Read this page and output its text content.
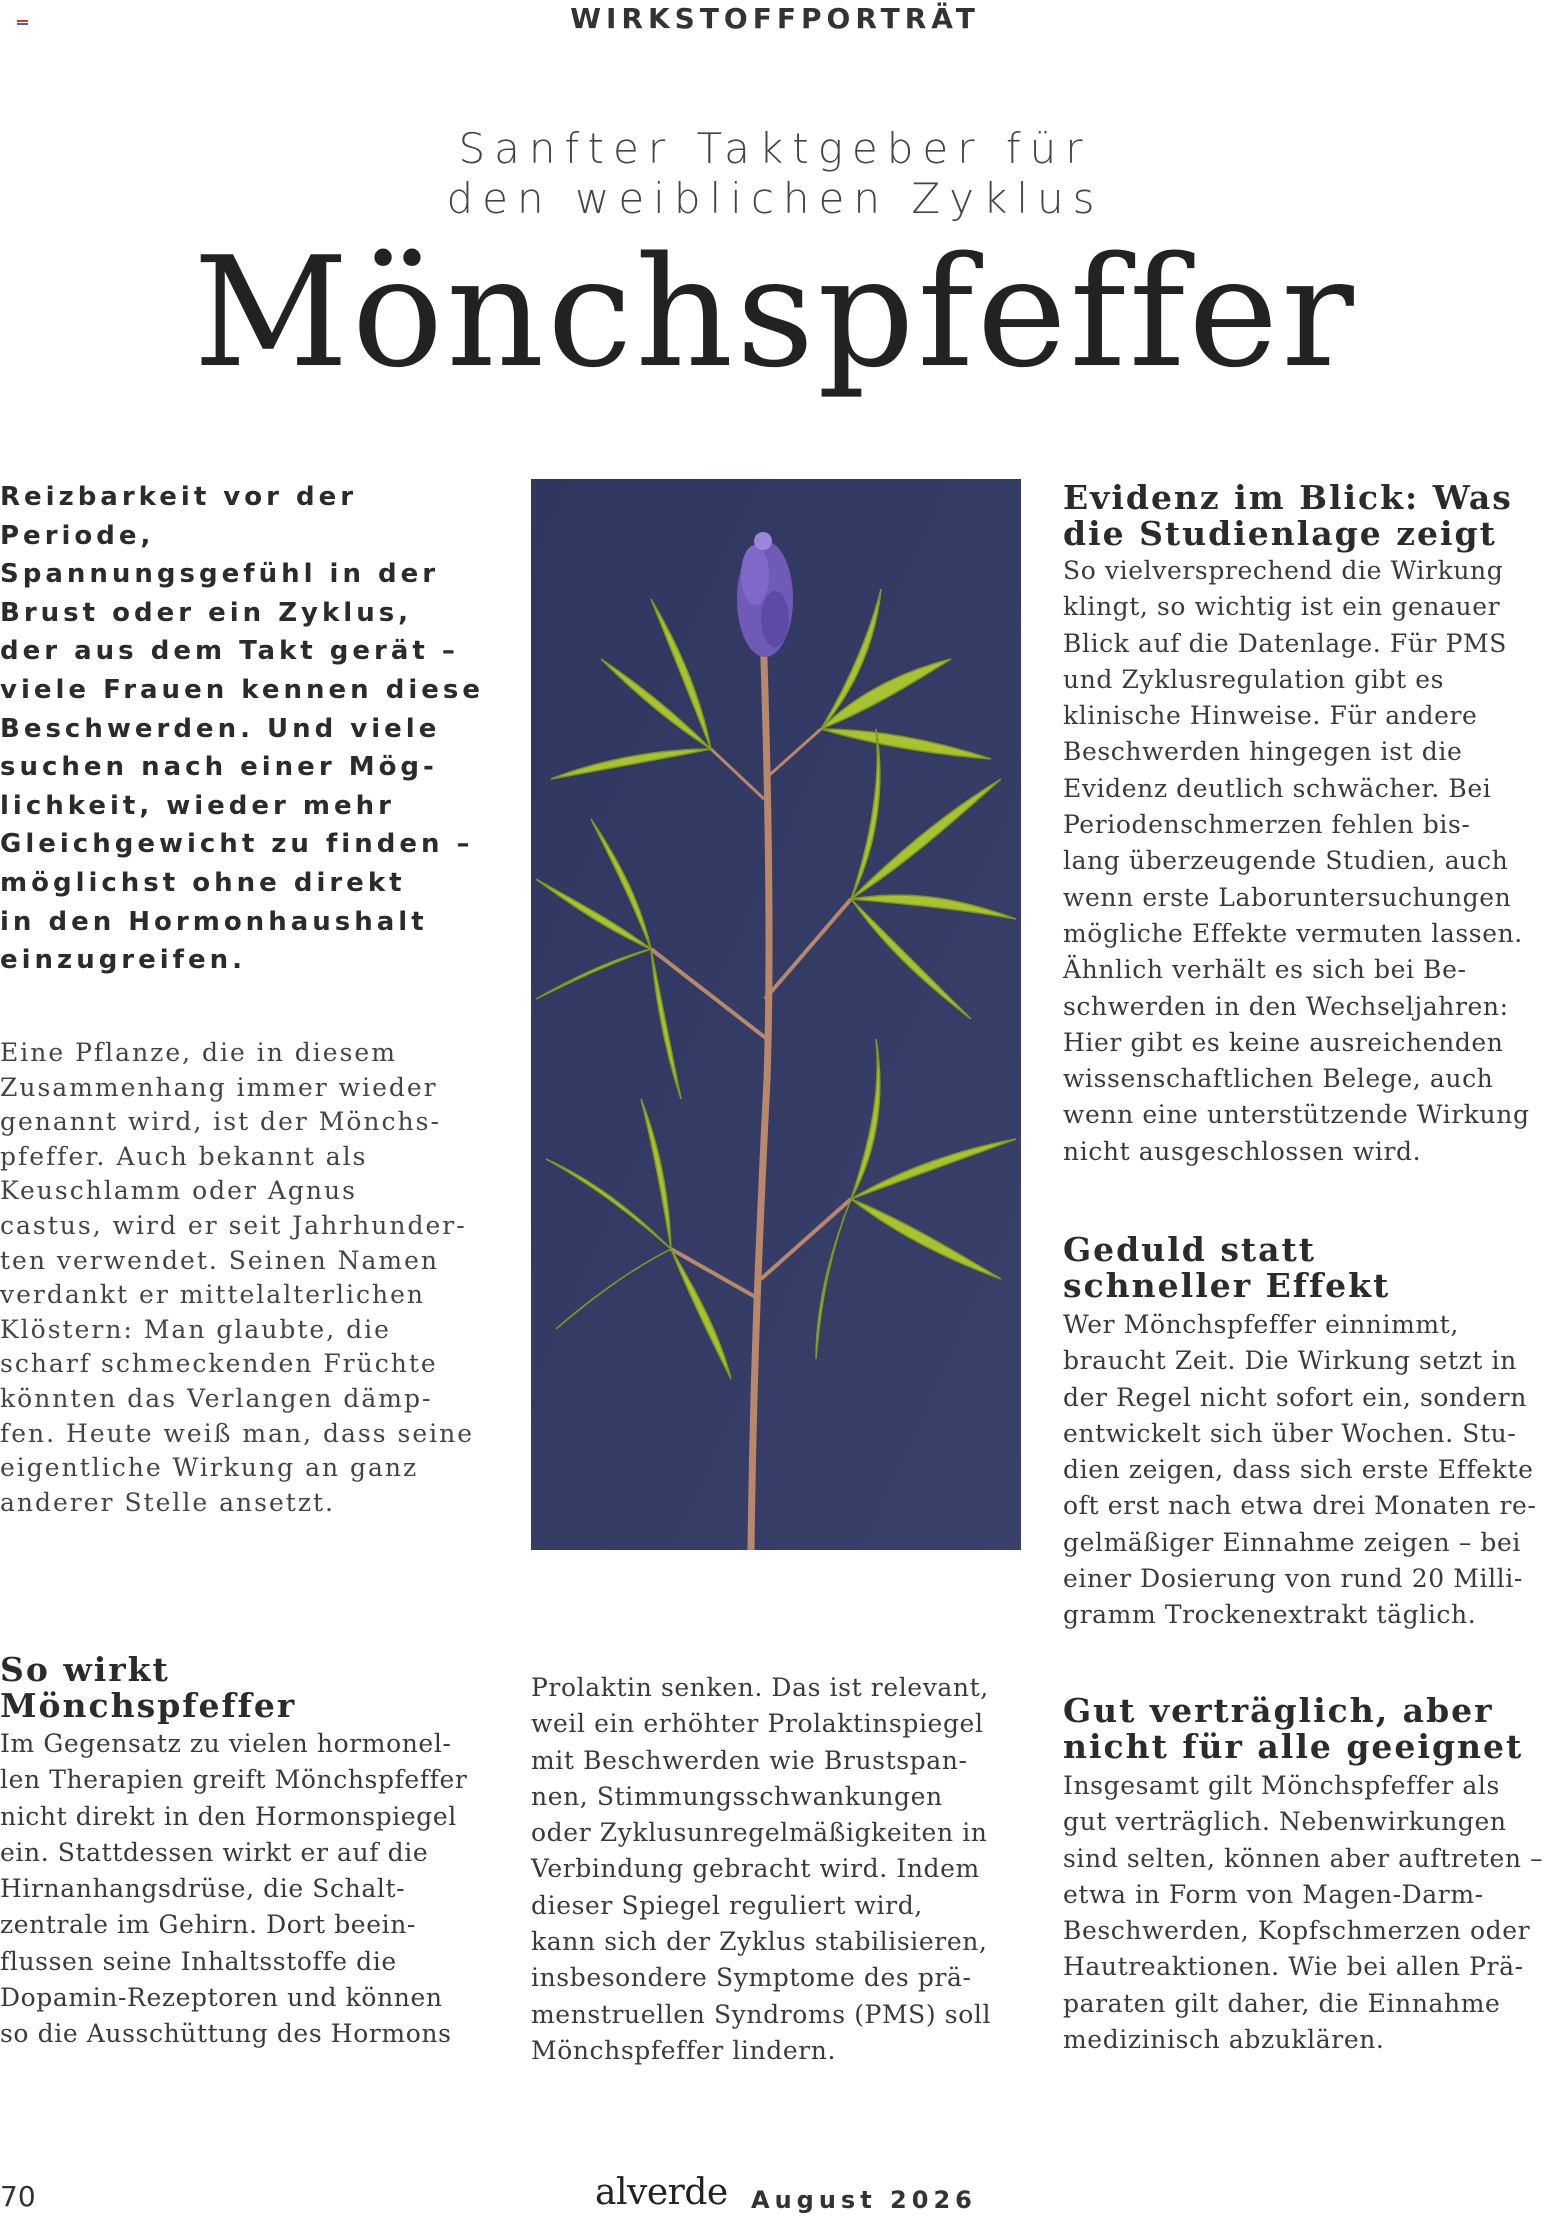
WIRKSTOFFPORTRÄT
Sanfter Taktgeber für
den weiblichen Zyklus
Mönchspfeffer
Reizbarkeit vor der Periode,
Spannungsgefühl in der
Brust oder ein Zyklus,
der aus dem Takt gerät –
viele Frauen kennen diese
Beschwerden. Und viele
suchen nach einer Mög-
lichkeit, wieder mehr
Gleichgewicht zu finden –
möglichst ohne direkt
in den Hormonhaushalt
einzugreifen.
Eine Pflanze, die in diesem
Zusammenhang immer wieder
genannt wird, ist der Mönchs-
pfeffer. Auch bekannt als
Keuschlamm oder Agnus
castus, wird er seit Jahrhunder-
ten verwendet. Seinen Namen
verdankt er mittelalterlichen
Klöstern: Man glaubte, die
scharf schmeckenden Früchte
könnten das Verlangen dämp-
fen. Heute weiß man, dass seine
eigentliche Wirkung an ganz
anderer Stelle ansetzt.
So wirkt
Mönchspfeffer
Im Gegensatz zu vielen hormonel-
len Therapien greift Mönchspfeffer
nicht direkt in den Hormonspiegel
ein. Stattdessen wirkt er auf die
Hirnanhangsdrüse, die Schalt-
zentrale im Gehirn. Dort beein-
flussen seine Inhaltsstoffe die
Dopamin-Rezeptoren und können
so die Ausschüttung des Hormons
Prolaktin senken. Das ist relevant,
weil ein erhöhter Prolaktinspiegel
mit Beschwerden wie Brustspan-
nen, Stimmungsschwankungen
oder Zyklusunregelmäßigkeiten in
Verbindung gebracht wird. Indem
dieser Spiegel reguliert wird,
kann sich der Zyklus stabilisieren,
insbesondere Symptome des prä-
menstruellen Syndroms (PMS) soll
Mönchspfeffer lindern.
Evidenz im Blick: Was
die Studienlage zeigt
So vielversprechend die Wirkung
klingt, so wichtig ist ein genauer
Blick auf die Datenlage. Für PMS
und Zyklusregulation gibt es
klinische Hinweise. Für andere
Beschwerden hingegen ist die
Evidenz deutlich schwächer. Bei
Periodenschmerzen fehlen bis-
lang überzeugende Studien, auch
wenn erste Laboruntersuchungen
mögliche Effekte vermuten lassen.
Ähnlich verhält es sich bei Be-
schwerden in den Wechseljahren:
Hier gibt es keine ausreichenden
wissenschaftlichen Belege, auch
wenn eine unterstützende Wirkung
nicht ausgeschlossen wird.
Geduld statt
schneller Effekt
Wer Mönchspfeffer einnimmt,
braucht Zeit. Die Wirkung setzt in
der Regel nicht sofort ein, sondern
entwickelt sich über Wochen. Stu-
dien zeigen, dass sich erste Effekte
oft erst nach etwa drei Monaten re-
gelmäßiger Einnahme zeigen – bei
einer Dosierung von rund 20 Milli-
gramm Trockenextrakt täglich.
Gut verträglich, aber
nicht für alle geeignet
Insgesamt gilt Mönchspfeffer als
gut verträglich. Nebenwirkungen
sind selten, können aber auftreten –
etwa in Form von Magen-Darm-
Beschwerden, Kopfschmerzen oder
Hautreaktionen. Wie bei allen Prä-
paraten gilt daher, die Einnahme
medizinisch abzuklären.
70	alverde August 2026
